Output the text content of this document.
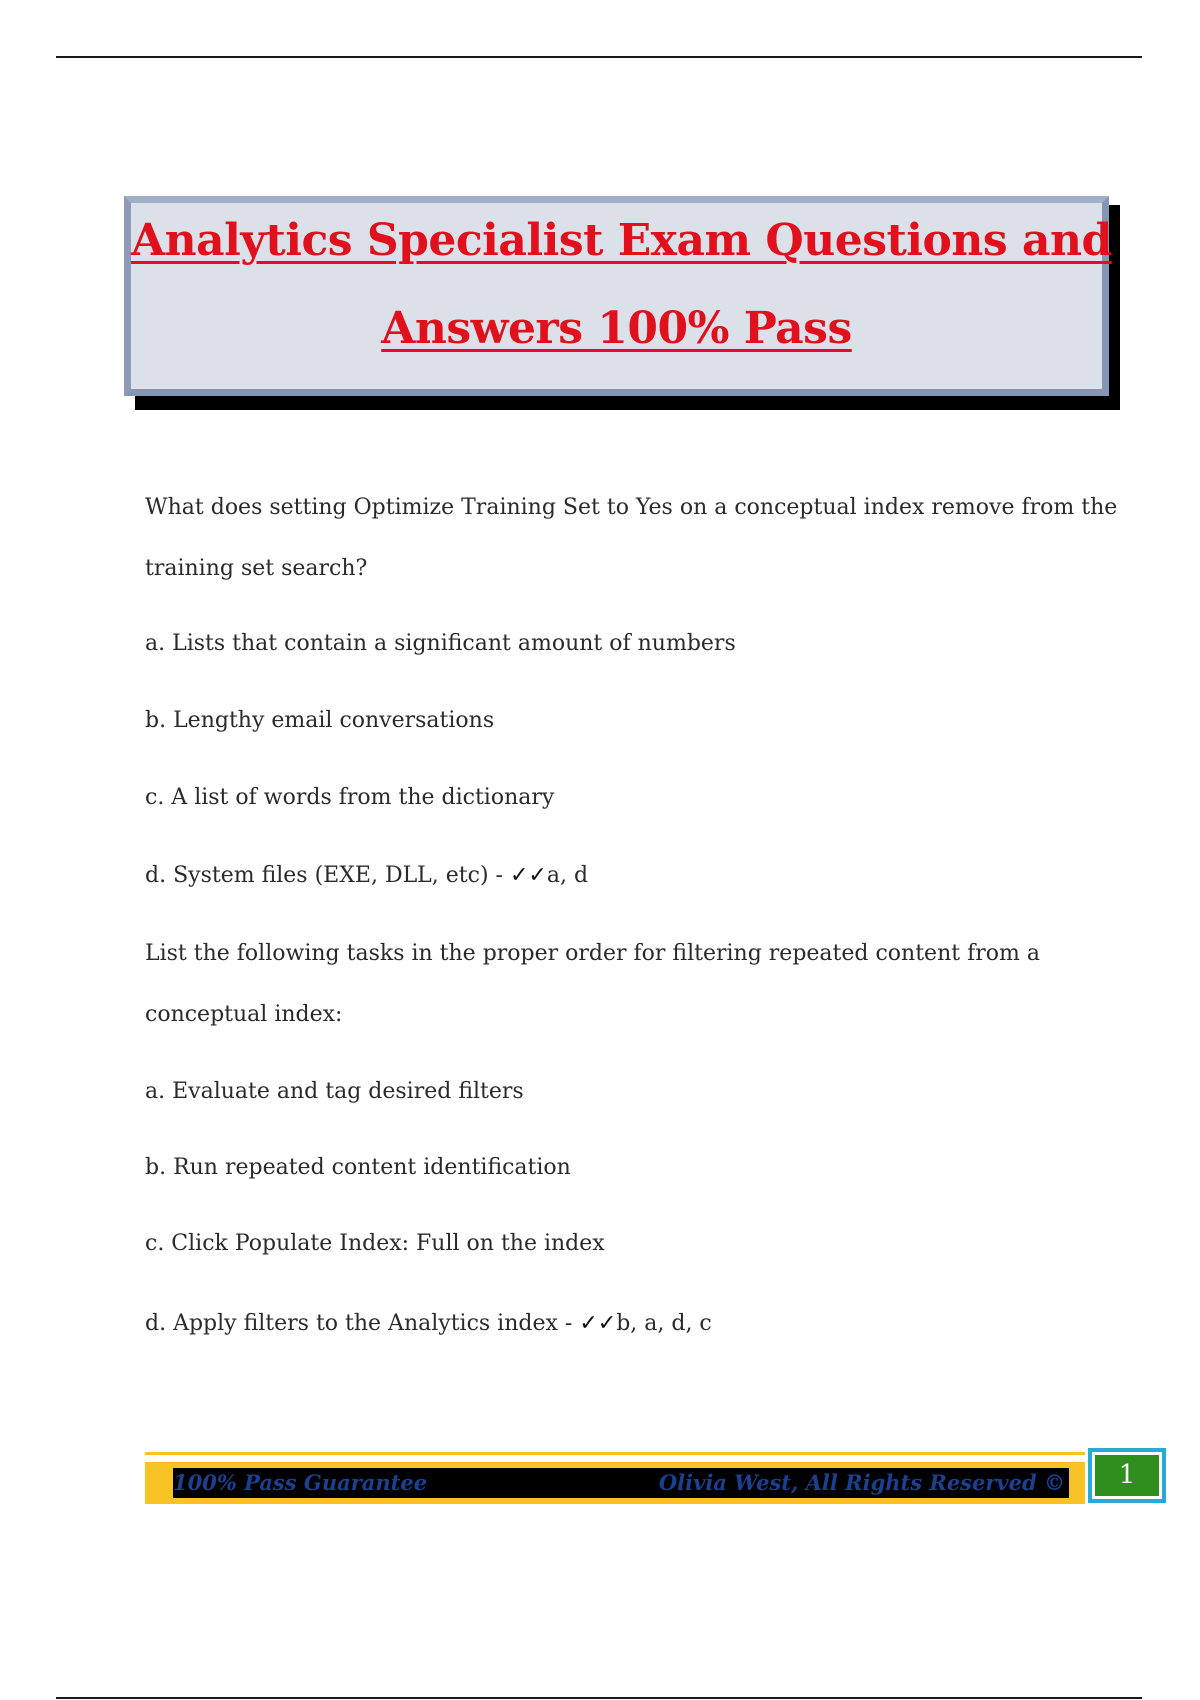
Analytics Specialist Exam Questions and
Answers 100% Pass
What does setting Optimize Training Set to Yes on a conceptual index remove from the
training set search?
a. Lists that contain a significant amount of numbers
b. Lengthy email conversations
c. A list of words from the dictionary
d. System files (EXE, DLL, etc) - ✓✓a, d
List the following tasks in the proper order for filtering repeated content from a
conceptual index:
a. Evaluate and tag desired filters
b. Run repeated content identification
c. Click Populate Index: Full on the index
d. Apply filters to the Analytics index - ✓✓b, a, d, c
100% Pass Guarantee	Olivia West, All Rights Reserved ©	1
